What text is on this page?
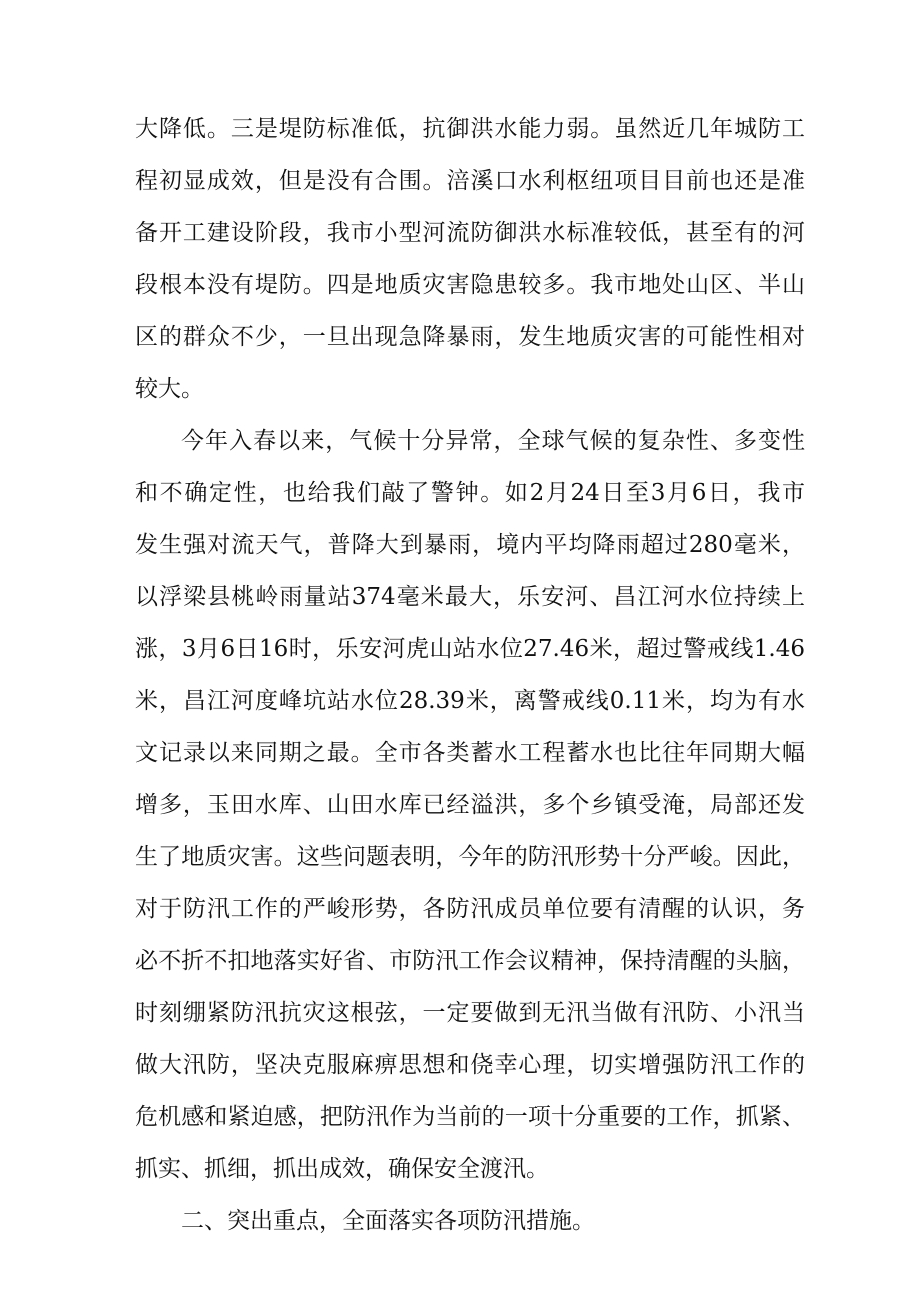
大降低。三是堤防标准低，抗御洪水能力弱。虽然近几年城防工
程初显成效，但是没有合围。涪溪口水利枢纽项目目前也还是准
备开工建设阶段，我市小型河流防御洪水标准较低，甚至有的河
段根本没有堤防。四是地质灾害隐患较多。我市地处山区、半山
区的群众不少，一旦出现急降暴雨，发生地质灾害的可能性相对
较大。
今年入春以来，气候十分异常，全球气候的复杂性、多变性
和不确定性，也给我们敲了警钟。如2月24日至3月6日，我市
发生强对流天气，普降大到暴雨，境内平均降雨超过280毫米，
以浮梁县桃岭雨量站374毫米最大，乐安河、昌江河水位持续上
涨，3月6日16时，乐安河虎山站水位27.46米，超过警戒线1.46
米，昌江河度峰坑站水位28.39米，离警戒线0.11米，均为有水
文记录以来同期之最。全市各类蓄水工程蓄水也比往年同期大幅
增多，玉田水库、山田水库已经溢洪，多个乡镇受淹，局部还发
生了地质灾害。这些问题表明，今年的防汛形势十分严峻。因此，
对于防汛工作的严峻形势，各防汛成员单位要有清醒的认识，务
必不折不扣地落实好省、市防汛工作会议精神，保持清醒的头脑，
时刻绷紧防汛抗灾这根弦，一定要做到无汛当做有汛防、小汛当
做大汛防，坚决克服麻痹思想和侥幸心理，切实增强防汛工作的
危机感和紧迫感，把防汛作为当前的一项十分重要的工作，抓紧、
抓实、抓细，抓出成效，确保安全渡汛。
二、突出重点，全面落实各项防汛措施。
